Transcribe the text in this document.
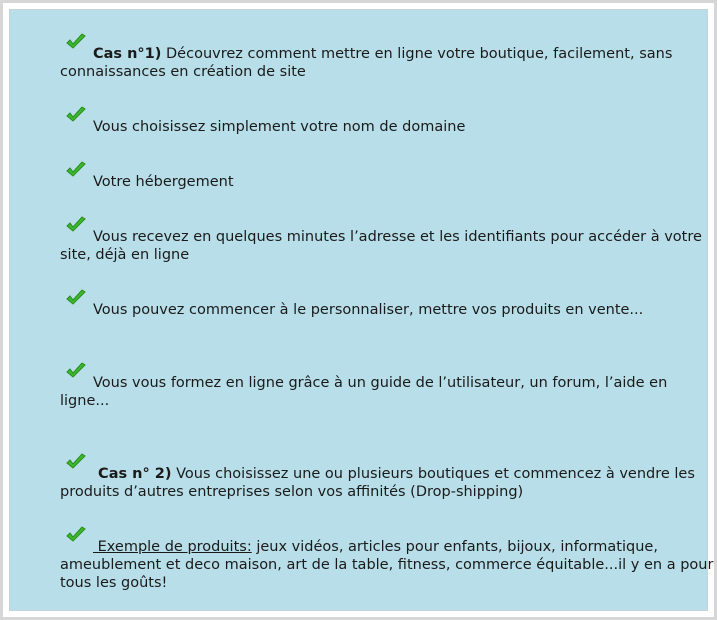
Cas n°1) Découvrez comment mettre en ligne votre boutique, facilement, sans connaissances en création de site

Vous choisissez simplement votre nom de domaine

Votre hébergement

Vous recevez en quelques minutes l’adresse et les identifiants pour accéder à votre site, déjà en ligne

Vous pouvez commencer à le personnaliser, mettre vos produits en vente...

Vous vous formez en ligne grâce à un guide de l’utilisateur, un forum, l’aide en ligne...

Cas n° 2) Vous choisissez une ou plusieurs boutiques et commencez à vendre les produits d’autres entreprises selon vos affinités (Drop-shipping)

Exemple de produits: jeux vidéos, articles pour enfants, bijoux, informatique, ameublement et deco maison, art de la table, fitness, commerce équitable...il y en a pour tous les goûts!
